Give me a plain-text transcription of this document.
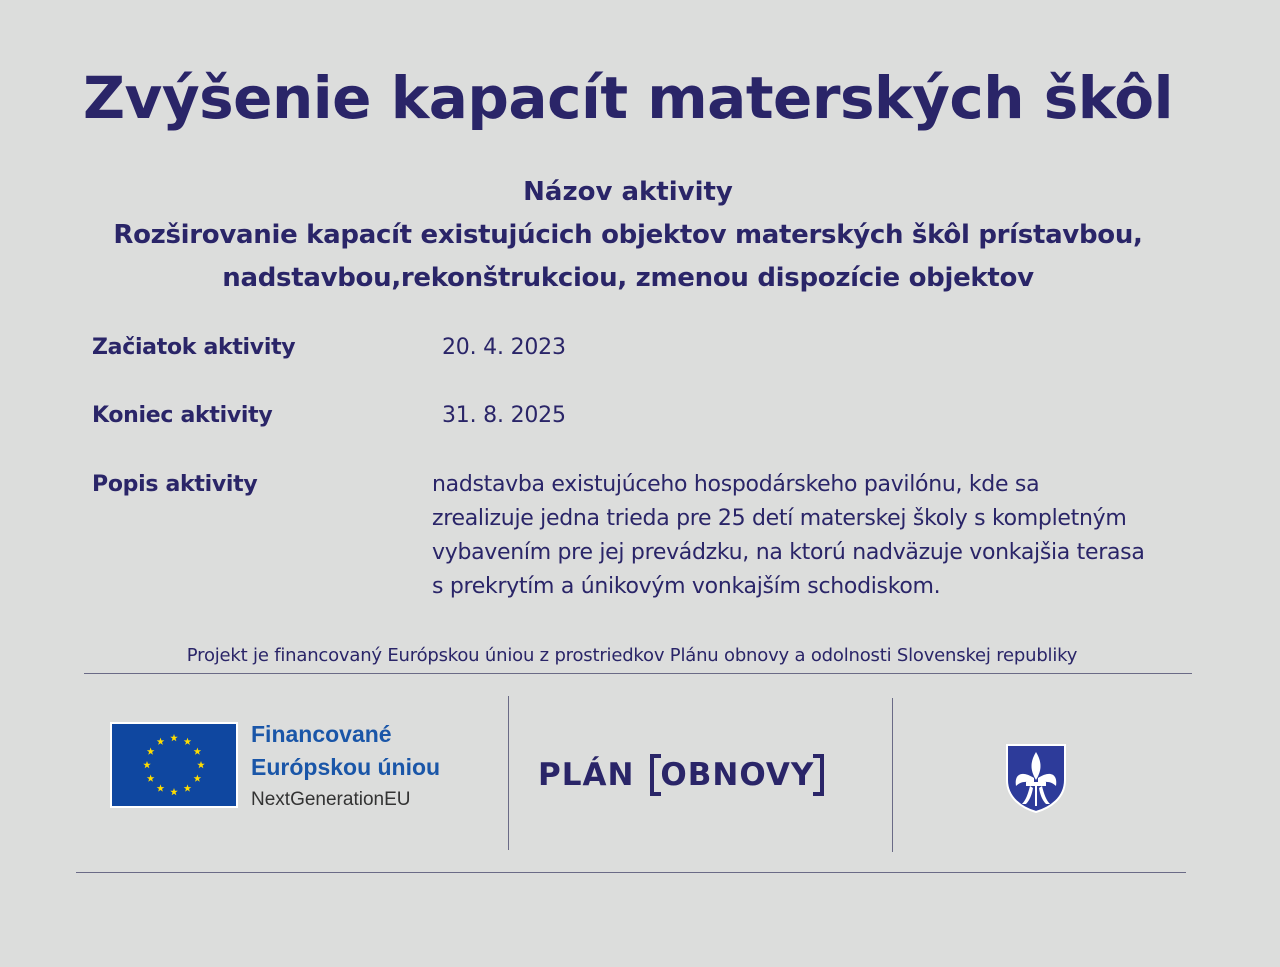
Zvýšenie kapacít materských škôl
Názov aktivity
Rozširovanie kapacít existujúcich objektov materských škôl prístavbou,
nadstavbou,rekonštrukciou, zmenou dispozície objektov
Začiatok aktivity	20. 4. 2023
Koniec aktivity	31. 8. 2025
Popis aktivity	nadstavba existujúceho hospodárskeho pavilónu, kde sa
zrealizuje jedna trieda pre 25 detí materskej školy s kompletným
vybavením pre jej prevádzku, na ktorú nadväzuje vonkajšia terasa
s prekrytím a únikovým vonkajším schodiskom.
Projekt je financovaný Európskou úniou z prostriedkov Plánu obnovy a odolnosti Slovenskej republiky
Financované
Európskou úniou
NextGenerationEU
PLÁN OBNOVY
